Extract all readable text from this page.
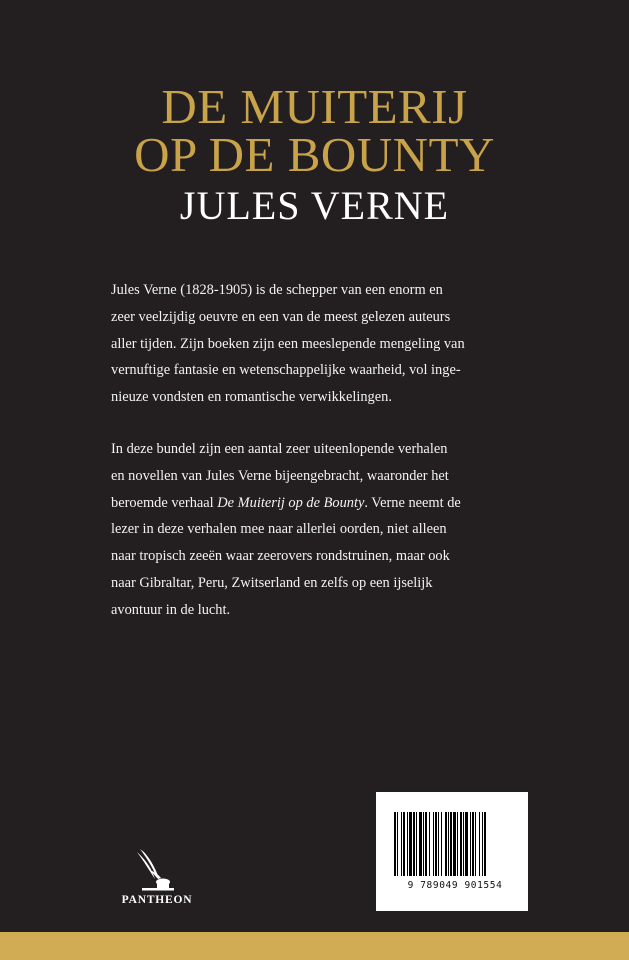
DE MUITERIJ
OP DE BOUNTY
JULES VERNE
Jules Verne (1828-1905) is de schepper van een enorm en
zeer veelzijdig oeuvre en een van de meest gelezen auteurs
aller tijden. Zijn boeken zijn een meeslepende mengeling van
vernuftige fantasie en wetenschappelijke waarheid, vol inge-
nieuze vondsten en romantische verwikkelingen.
In deze bundel zijn een aantal zeer uiteenlopende verhalen
en novellen van Jules Verne bijeengebracht, waaronder het
beroemde verhaal De Muiterij op de Bounty. Verne neemt de
lezer in deze verhalen mee naar allerlei oorden, niet alleen
naar tropisch zeeën waar zeerovers rondstruinen, maar ook
naar Gibraltar, Peru, Zwitserland en zelfs op een ijselijk
avontuur in de lucht.
PANTHEON
9 789049 901554
